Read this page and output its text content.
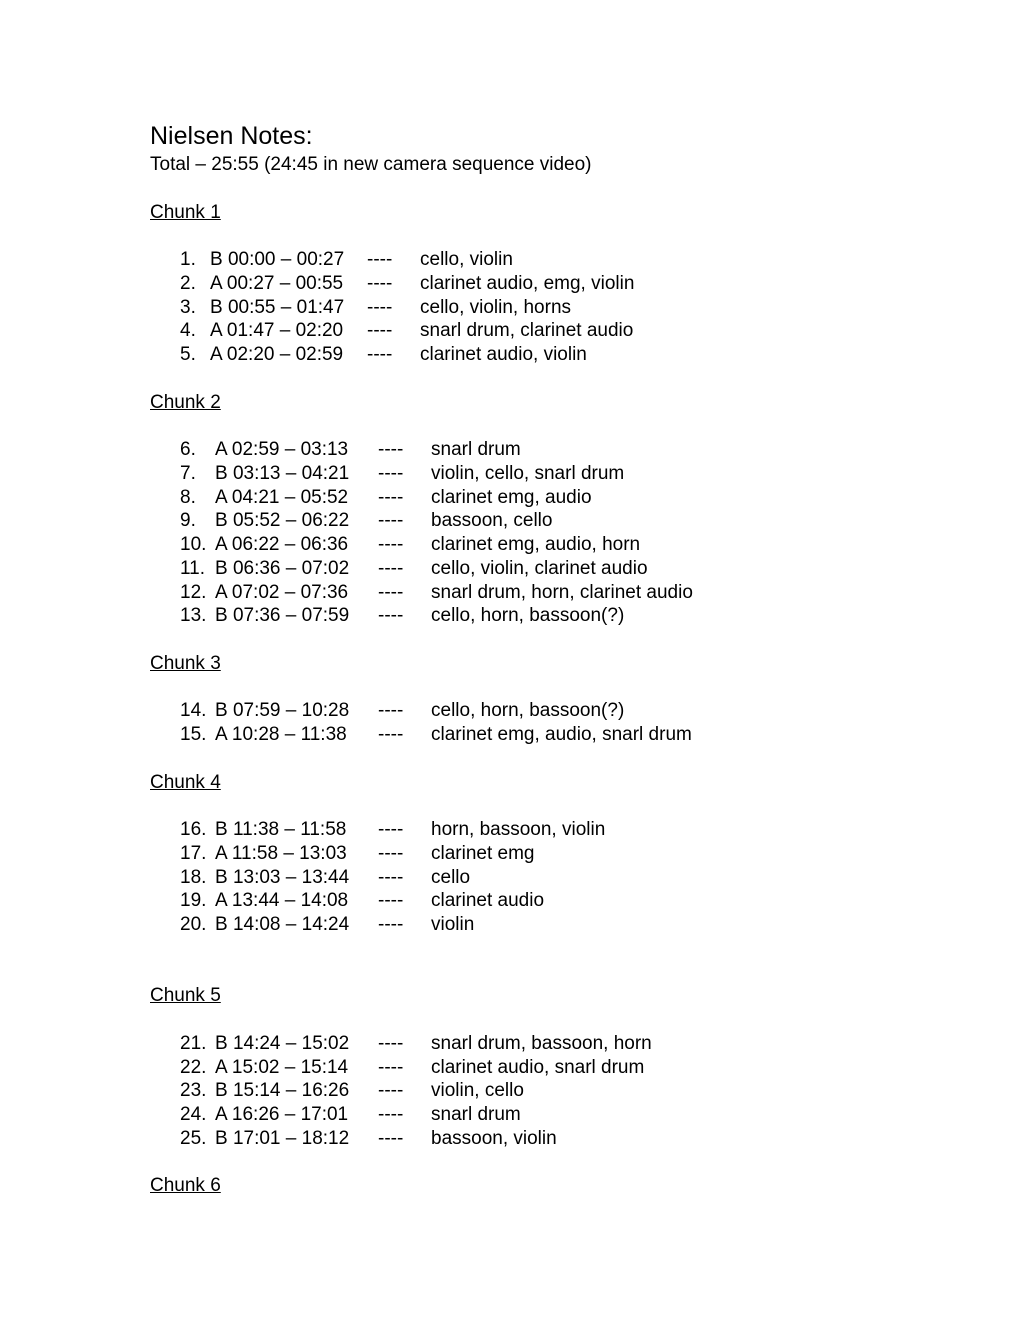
Nielsen Notes:
Total – 25:55 (24:45 in new camera sequence video)
Chunk 1
1. B 00:00 – 00:27 ---- cello, violin
2. A 00:27 – 00:55 ---- clarinet audio, emg, violin
3. B 00:55 – 01:47 ---- cello, violin, horns
4. A 01:47 – 02:20 ---- snarl drum, clarinet audio
5. A 02:20 – 02:59 ---- clarinet audio, violin
Chunk 2
6. A 02:59 – 03:13 ---- snarl drum
7. B 03:13 – 04:21 ---- violin, cello, snarl drum
8. A 04:21 – 05:52 ---- clarinet emg, audio
9. B 05:52 – 06:22 ---- bassoon, cello
10. A 06:22 – 06:36 ---- clarinet emg, audio, horn
11. B 06:36 – 07:02 ---- cello, violin, clarinet audio
12. A 07:02 – 07:36 ---- snarl drum, horn, clarinet audio
13. B 07:36 – 07:59 ---- cello, horn, bassoon(?)
Chunk 3
14. B 07:59 – 10:28 ---- cello, horn, bassoon(?)
15. A 10:28 – 11:38 ---- clarinet emg, audio, snarl drum
Chunk 4
16. B 11:38 – 11:58 ---- horn, bassoon, violin
17. A 11:58 – 13:03 ---- clarinet emg
18. B 13:03 – 13:44 ---- cello
19. A 13:44 – 14:08 ---- clarinet audio
20. B 14:08 – 14:24 ---- violin
Chunk 5
21. B 14:24 – 15:02 ---- snarl drum, bassoon, horn
22. A 15:02 – 15:14 ---- clarinet audio, snarl drum
23. B 15:14 – 16:26 ---- violin, cello
24. A 16:26 – 17:01 ---- snarl drum
25. B 17:01 – 18:12 ---- bassoon, violin
Chunk 6
